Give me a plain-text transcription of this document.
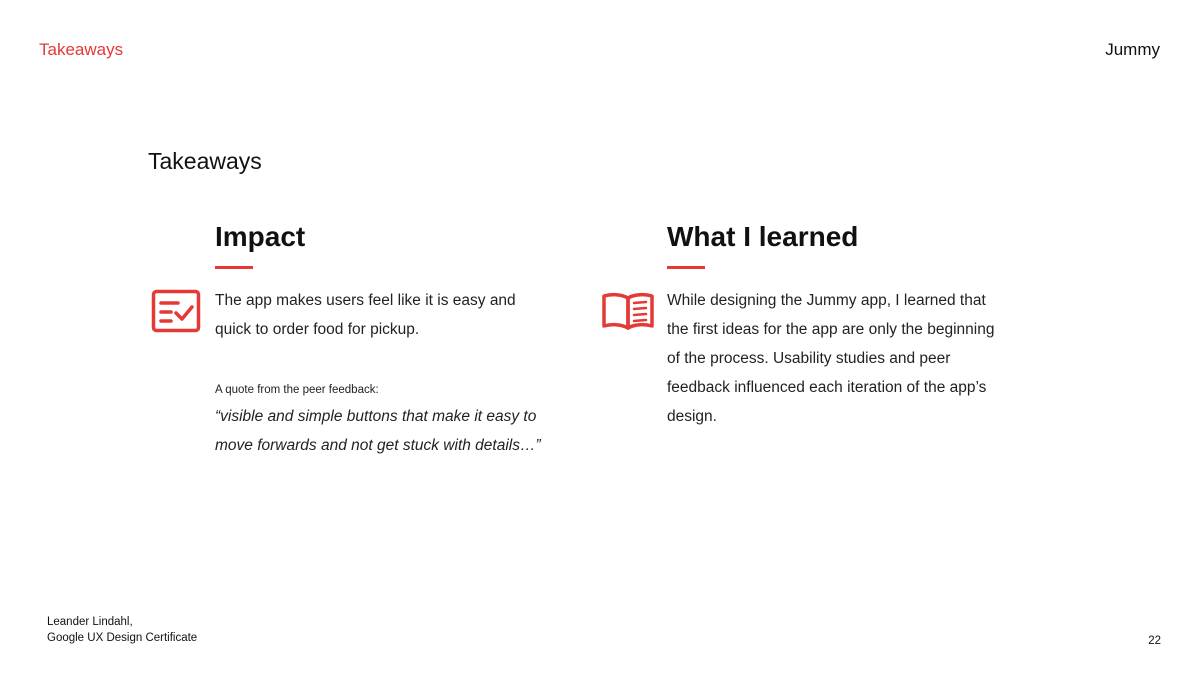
Takeaways	Jummy
Takeaways
Impact

The app makes users feel like it is easy and quick to order food for pickup.

A quote from the peer feedback:

“visible and simple buttons that make it easy to move forwards and not get stuck with details…”

What I learned

While designing the Jummy app, I learned that the first ideas for the app are only the beginning of the process. Usability studies and peer feedback influenced each iteration of the app’s design.

Leander Lindahl,
Google UX Design Certificate	22
